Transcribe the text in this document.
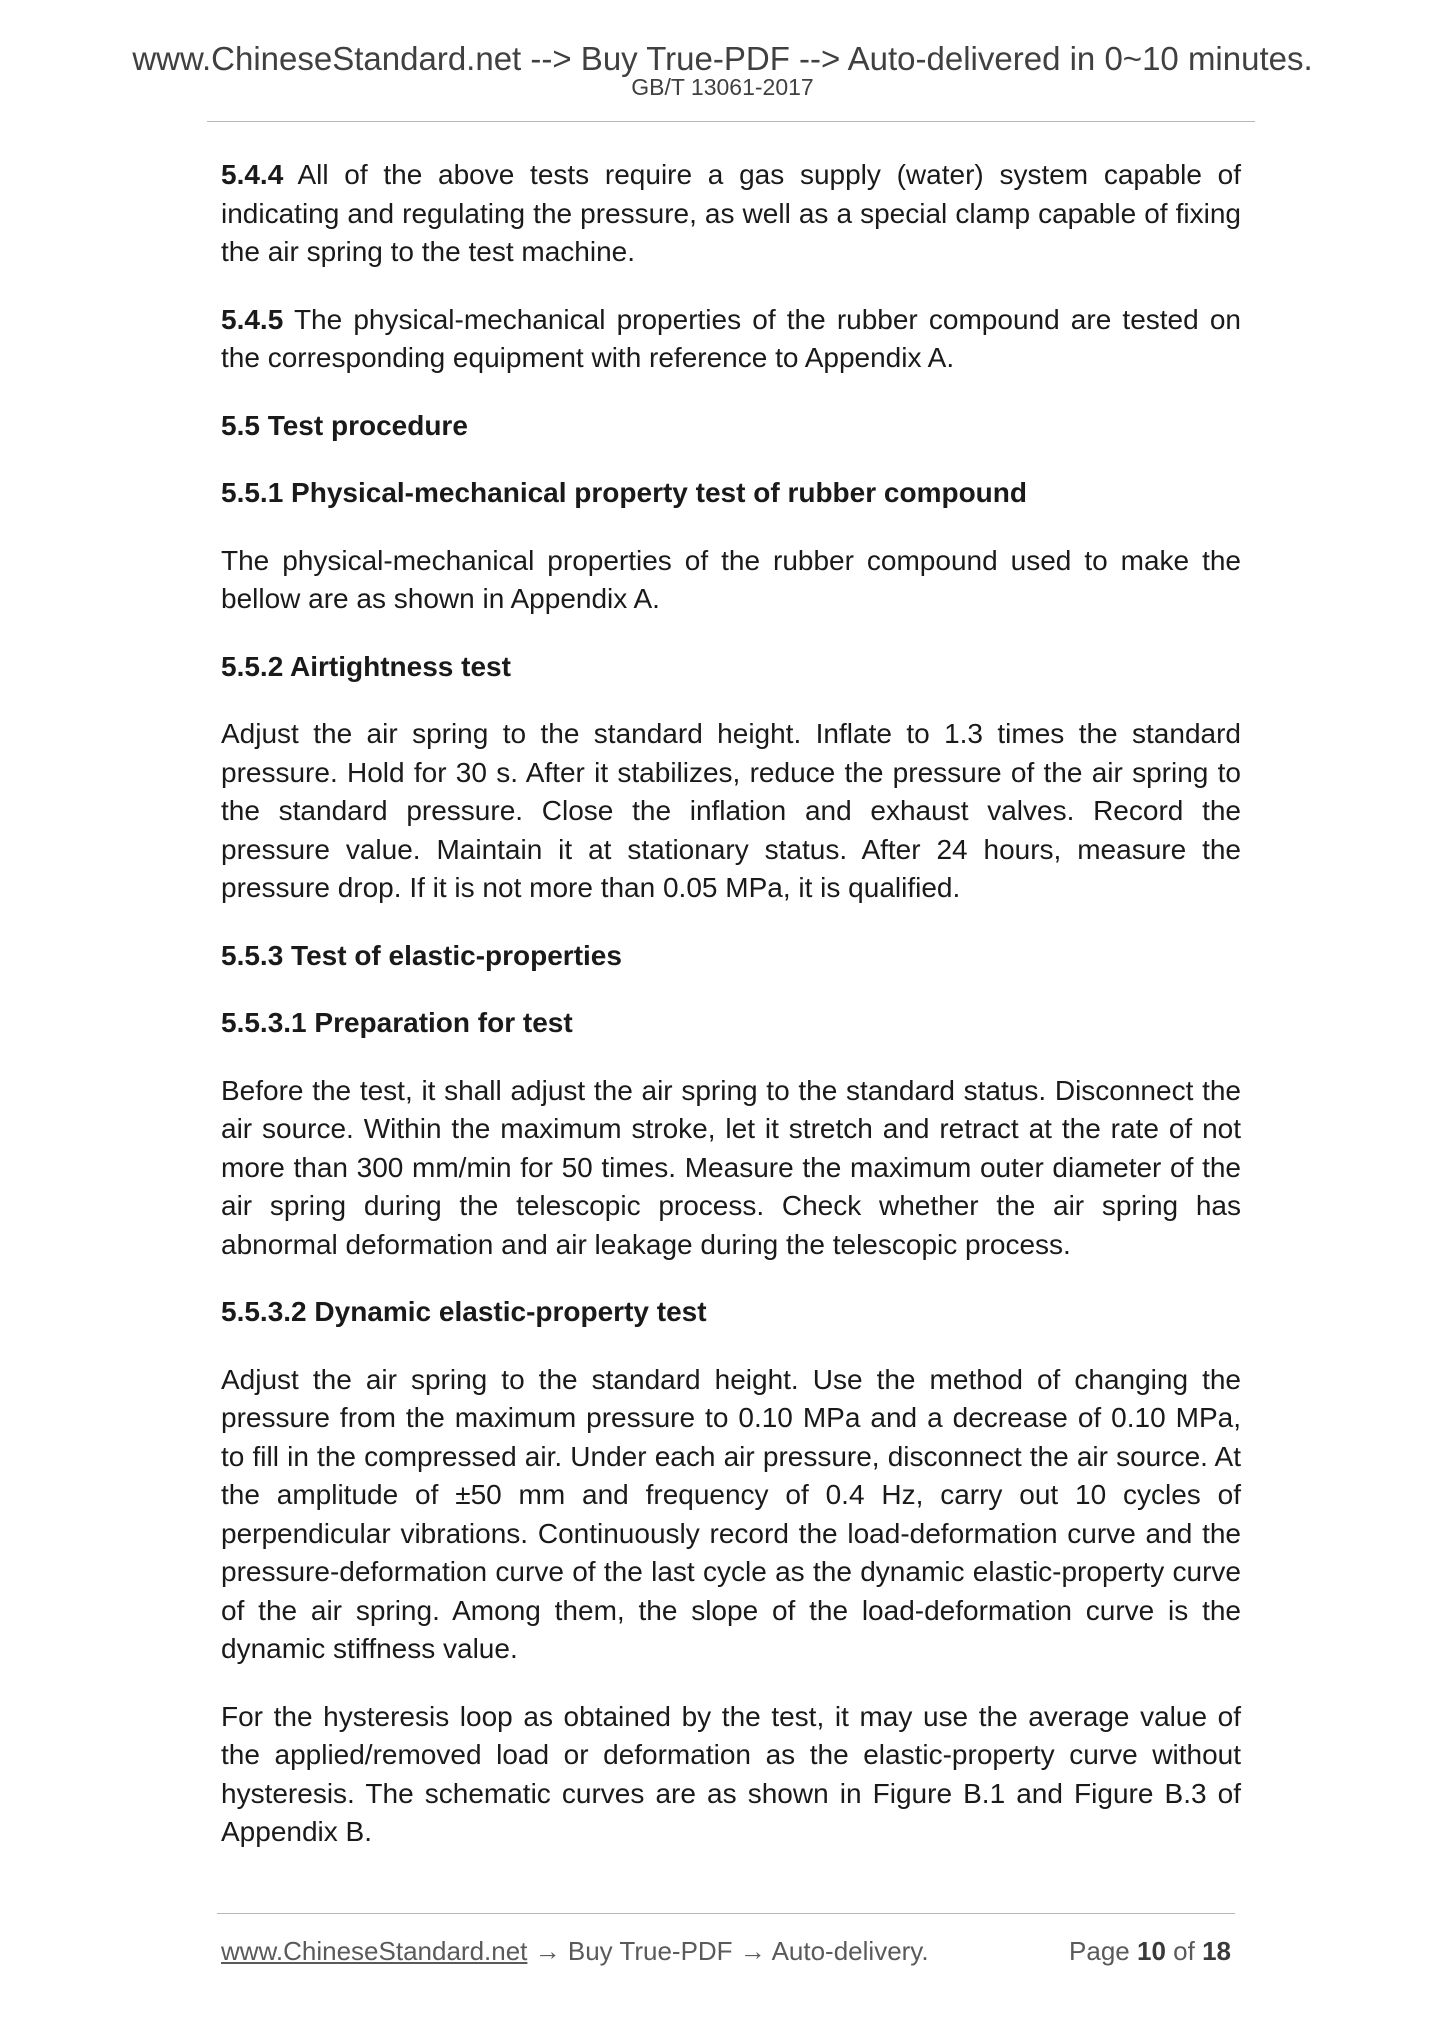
www.ChineseStandard.net --> Buy True-PDF --> Auto-delivered in 0~10 minutes.
GB/T 13061-2017

5.4.4 All of the above tests require a gas supply (water) system capable of indicating and regulating the pressure, as well as a special clamp capable of fixing the air spring to the test machine.

5.4.5 The physical-mechanical properties of the rubber compound are tested on the corresponding equipment with reference to Appendix A.

5.5 Test procedure
5.5.1 Physical-mechanical property test of rubber compound

The physical-mechanical properties of the rubber compound used to make the bellow are as shown in Appendix A.

5.5.2 Airtightness test

Adjust the air spring to the standard height. Inflate to 1.3 times the standard pressure. Hold for 30 s. After it stabilizes, reduce the pressure of the air spring to the standard pressure. Close the inflation and exhaust valves. Record the pressure value. Maintain it at stationary status. After 24 hours, measure the pressure drop. If it is not more than 0.05 MPa, it is qualified.

5.5.3 Test of elastic-properties
5.5.3.1 Preparation for test

Before the test, it shall adjust the air spring to the standard status. Disconnect the air source. Within the maximum stroke, let it stretch and retract at the rate of not more than 300 mm/min for 50 times. Measure the maximum outer diameter of the air spring during the telescopic process. Check whether the air spring has abnormal deformation and air leakage during the telescopic process.

5.5.3.2 Dynamic elastic-property test

Adjust the air spring to the standard height. Use the method of changing the pressure from the maximum pressure to 0.10 MPa and a decrease of 0.10 MPa, to fill in the compressed air. Under each air pressure, disconnect the air source. At the amplitude of ±50 mm and frequency of 0.4 Hz, carry out 10 cycles of perpendicular vibrations. Continuously record the load-deformation curve and the pressure-deformation curve of the last cycle as the dynamic elastic-property curve of the air spring. Among them, the slope of the load-deformation curve is the dynamic stiffness value.

For the hysteresis loop as obtained by the test, it may use the average value of the applied/removed load or deformation as the elastic-property curve without hysteresis. The schematic curves are as shown in Figure B.1 and Figure B.3 of Appendix B.

www.ChineseStandard.net → Buy True-PDF → Auto-delivery.	Page 10 of 18
